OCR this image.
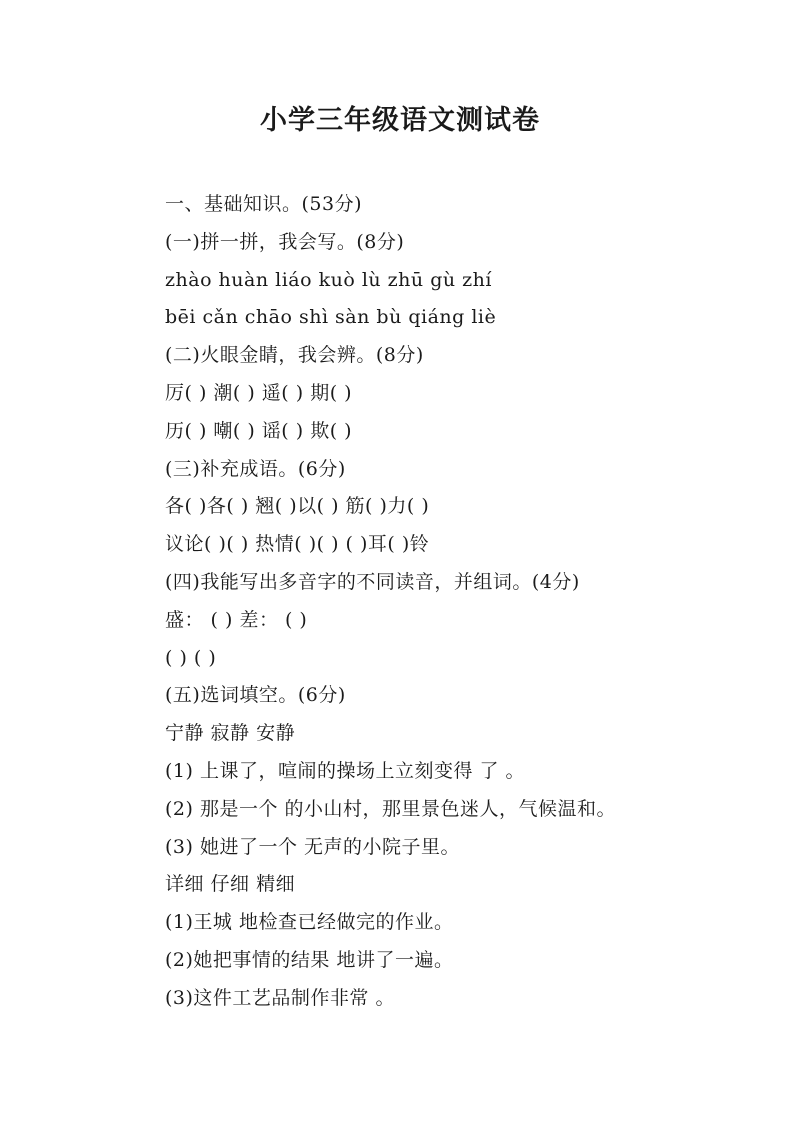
小学三年级语文测试卷
一、基础知识。(53分)
(一)拼一拼，我会写。(8分)
zhào huàn liáo kuò lù zhū gù zhí
bēi cǎn chāo shì sàn bù qiáng liè
(二)火眼金睛，我会辨。(8分)
厉( ) 潮( ) 遥( ) 期( )
历( ) 嘲( ) 谣( ) 欺( )
(三)补充成语。(6分)
各( )各( ) 翘( )以( ) 筋( )力( )
议论( )( ) 热情( )( ) ( )耳( )铃
(四)我能写出多音字的不同读音，并组词。(4分)
盛： ( ) 差： ( )
( ) ( )
(五)选词填空。(6分)
宁静 寂静 安静
(1) 上课了，喧闹的操场上立刻变得 了 。
(2) 那是一个 的小山村，那里景色迷人，气候温和。
(3) 她进了一个 无声的小院子里。
详细 仔细 精细
(1)王城 地检查已经做完的作业。
(2)她把事情的结果 地讲了一遍。
(3)这件工艺品制作非常 。
